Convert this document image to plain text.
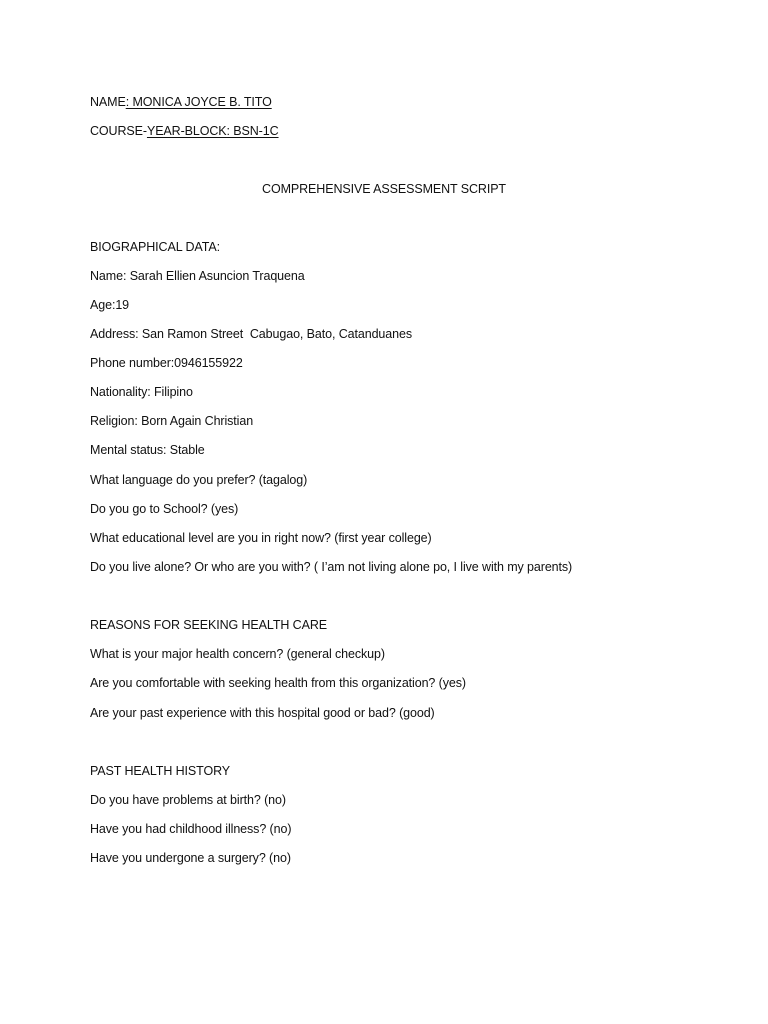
NAME: MONICA JOYCE B. TITO
COURSE-YEAR-BLOCK: BSN-1C
COMPREHENSIVE ASSESSMENT SCRIPT
BIOGRAPHICAL DATA:
Name: Sarah Ellien Asuncion Traquena
Age:19
Address: San Ramon Street  Cabugao, Bato, Catanduanes
Phone number:0946155922
Nationality: Filipino
Religion: Born Again Christian
Mental status: Stable
What language do you prefer? (tagalog)
Do you go to School? (yes)
What educational level are you in right now? (first year college)
Do you live alone? Or who are you with? ( I’am not living alone po, I live with my parents)
REASONS FOR SEEKING HEALTH CARE
What is your major health concern? (general checkup)
Are you comfortable with seeking health from this organization? (yes)
Are your past experience with this hospital good or bad? (good)
PAST HEALTH HISTORY
Do you have problems at birth? (no)
Have you had childhood illness? (no)
Have you undergone a surgery? (no)
